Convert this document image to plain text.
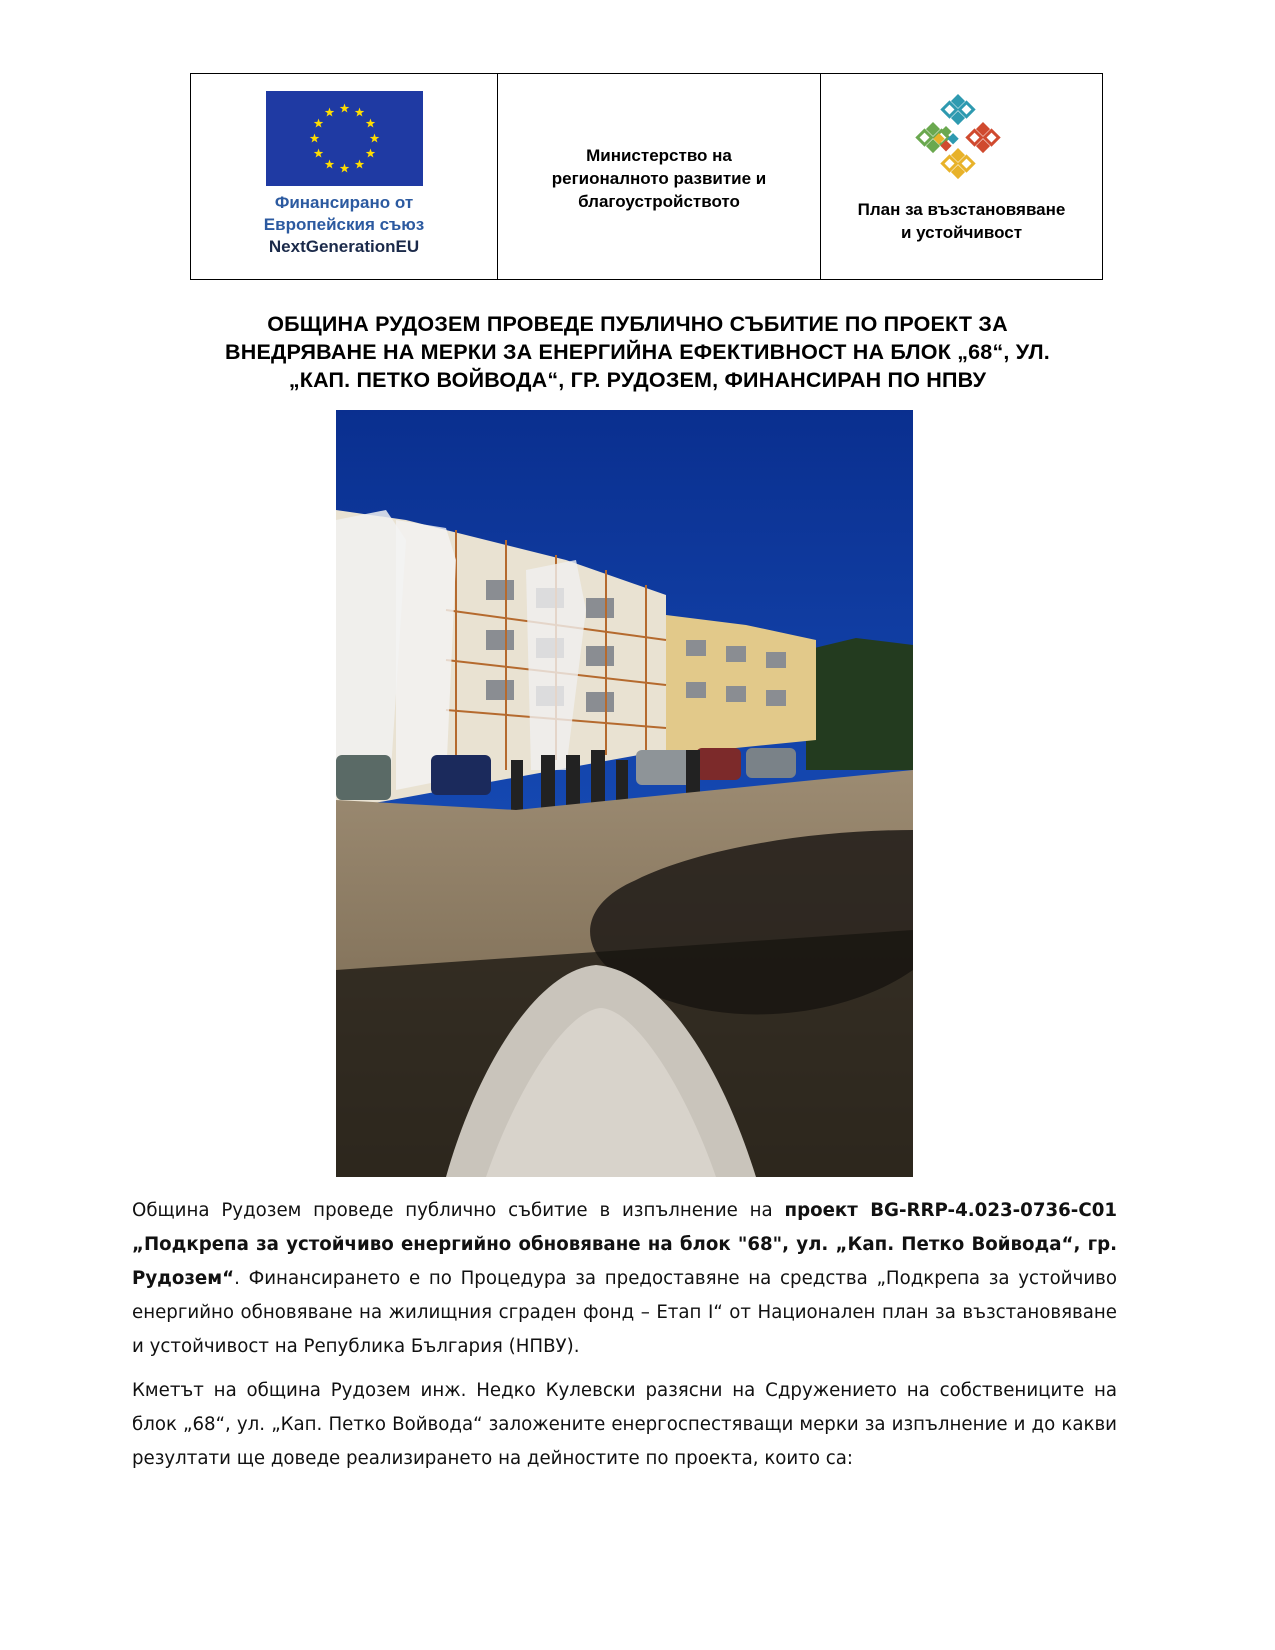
Финансирано от
Европейския съюз
NextGenerationEU
Министерство на
регионалното развитие и
благоустройството	План за възстановяване
и устойчивост
ОБЩИНА РУДОЗЕМ ПРОВЕДЕ ПУБЛИЧНО СЪБИТИЕ ПО ПРОЕКТ ЗА
ВНЕДРЯВАНЕ НА МЕРКИ ЗА ЕНЕРГИЙНА ЕФЕКТИВНОСТ НА БЛОК „68“, УЛ.
„КАП. ПЕТКО ВОЙВОДА“, ГР. РУДОЗЕМ, ФИНАНСИРАН ПО НПВУ
Община Рудозем проведе публично събитие в изпълнение на проект BG-RRP-4.023-0736-C01 „Подкрепа за устойчиво енергийно обновяване на блок "68", ул. „Кап. Петко Войвода“, гр. Рудозем“. Финансирането е по Процедура за предоставяне на средства „Подкрепа за устойчиво енергийно обновяване на жилищния сграден фонд – Етап I“ от Национален план за възстановяване и устойчивост на Република България (НПВУ).
Кметът на община Рудозем инж. Недко Кулевски разясни на Сдружението на собствениците на блок „68“, ул. „Кап. Петко Войвода“ заложените енергоспестяващи мерки за изпълнение и до какви резултати ще доведе реализирането на дейностите по проекта, които са:
